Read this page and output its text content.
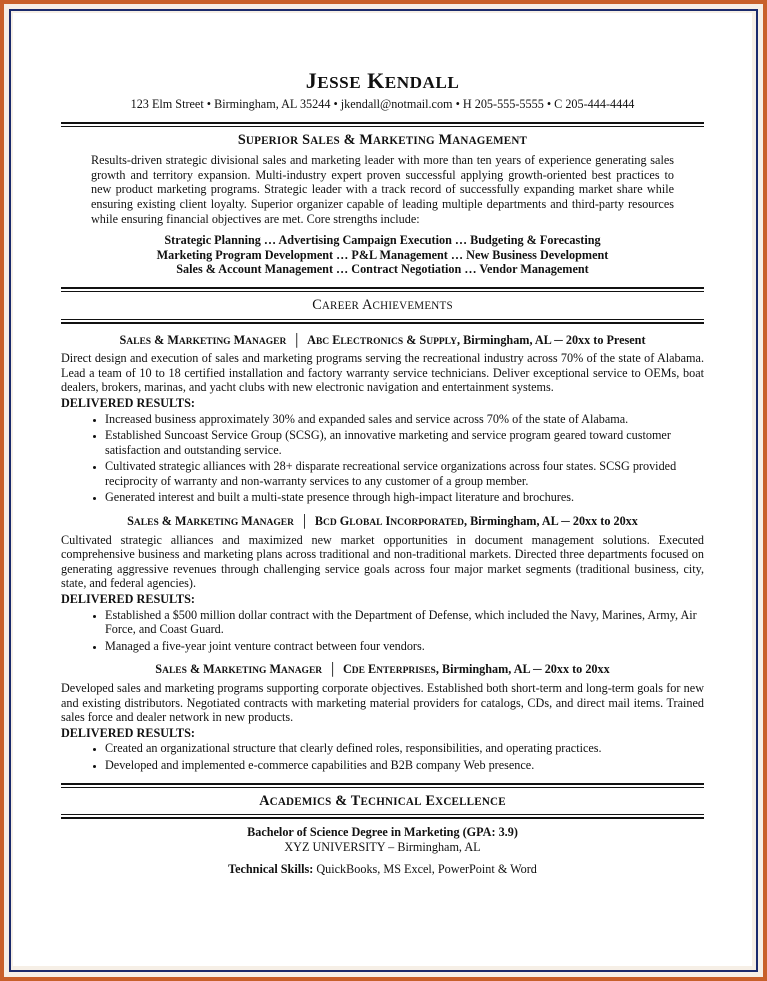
JESSE KENDALL
123 Elm Street • Birmingham, AL 35244 • jkendall@notmail.com • H 205-555-5555 • C 205-444-4444
SUPERIOR SALES & MARKETING MANAGEMENT
Results-driven strategic divisional sales and marketing leader with more than ten years of experience generating sales growth and territory expansion. Multi-industry expert proven successful applying growth-oriented best practices to new product marketing programs. Strategic leader with a track record of successfully expanding market share while ensuring existing client loyalty. Superior organizer capable of leading multiple departments and third-party resources while ensuring financial objectives are met. Core strengths include:
Strategic Planning … Advertising Campaign Execution … Budgeting & Forecasting
Marketing Program Development … P&L Management … New Business Development
Sales & Account Management … Contract Negotiation … Vendor Management
CAREER ACHIEVEMENTS
SALES & MARKETING MANAGER  │  ABC ELECTRONICS & SUPPLY, Birmingham, AL ─ 20xx to Present

Direct design and execution of sales and marketing programs serving the recreational industry across 70% of the state of Alabama. Lead a team of 10 to 18 certified installation and factory warranty service technicians. Deliver exceptional service to OEMs, boat dealers, brokers, marinas, and yacht clubs with new electronic navigation and entertainment systems.

DELIVERED RESULTS:
• Increased business approximately 30% and expanded sales and service across 70% of the state of Alabama.
• Established Suncoast Service Group (SCSG), an innovative marketing and service program geared toward customer satisfaction and outstanding service.
• Cultivated strategic alliances with 28+ disparate recreational service organizations across four states. SCSG provided reciprocity of warranty and non-warranty services to any customer of a group member.
• Generated interest and built a multi-state presence through high-impact literature and brochures.
SALES & MARKETING MANAGER  │  BCD GLOBAL INCORPORATED, Birmingham, AL ─ 20xx to 20xx

Cultivated strategic alliances and maximized new market opportunities in document management solutions. Executed comprehensive business and marketing plans across traditional and non-traditional markets. Directed three departments focused on generating aggressive revenues through challenging service goals across four major market segments (traditional business, city, state, and federal agencies).

DELIVERED RESULTS:
• Established a $500 million dollar contract with the Department of Defense, which included the Navy, Marines, Army, Air Force, and Coast Guard.
• Managed a five-year joint venture contract between four vendors.
SALES & MARKETING MANAGER  │  CDE ENTERPRISES, Birmingham, AL ─ 20xx to 20xx

Developed sales and marketing programs supporting corporate objectives. Established both short-term and long-term goals for new and existing distributors. Negotiated contracts with marketing material providers for catalogs, CDs, and direct mail items. Trained sales force and dealer network in new products.

DELIVERED RESULTS:
• Created an organizational structure that clearly defined roles, responsibilities, and operating practices.
• Developed and implemented e-commerce capabilities and B2B company Web presence.
ACADEMICS & TECHNICAL EXCELLENCE
Bachelor of Science Degree in Marketing (GPA: 3.9)
XYZ UNIVERSITY – Birmingham, AL
Technical Skills: QuickBooks, MS Excel, PowerPoint & Word
